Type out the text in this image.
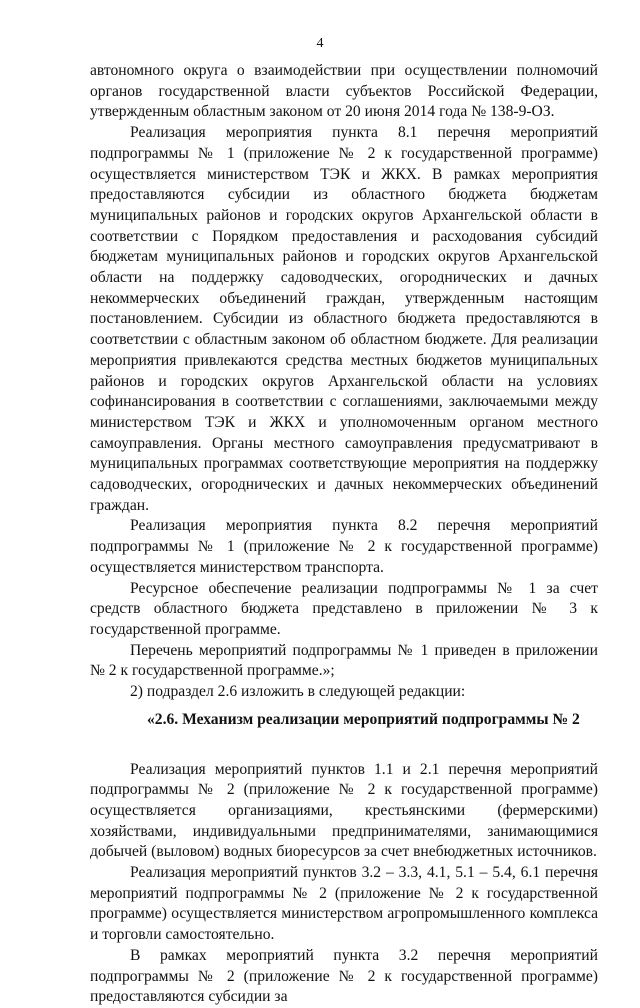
4

автономного округа о взаимодействии при осуществлении полномочий органов государственной власти субъектов Российской Федерации, утвержденным областным законом от 20 июня 2014 года № 138-9-ОЗ.

Реализация мероприятия пункта 8.1 перечня мероприятий подпрограммы № 1 (приложение № 2 к государственной программе) осуществляется министерством ТЭК и ЖКХ. В рамках мероприятия предоставляются субсидии из областного бюджета бюджетам муниципальных районов и городских округов Архангельской области в соответствии с Порядком предоставления и расходования субсидий бюджетам муниципальных районов и городских округов Архангельской области на поддержку садоводческих, огороднических и дачных некоммерческих объединений граждан, утвержденным настоящим постановлением. Субсидии из областного бюджета предоставляются в соответствии с областным законом об областном бюджете. Для реализации мероприятия привлекаются средства местных бюджетов муниципальных районов и городских округов Архангельской области на условиях софинансирования в соответствии с соглашениями, заключаемыми между министерством ТЭК и ЖКХ и уполномоченным органом местного самоуправления. Органы местного самоуправления предусматривают в муниципальных программах соответствующие мероприятия на поддержку садоводческих, огороднических и дачных некоммерческих объединений граждан.

Реализация мероприятия пункта 8.2 перечня мероприятий подпрограммы № 1 (приложение № 2 к государственной программе) осуществляется министерством транспорта.

Ресурсное обеспечение реализации подпрограммы № 1 за счет средств областного бюджета представлено в приложении № 3 к государственной программе.

Перечень мероприятий подпрограммы № 1 приведен в приложении № 2 к государственной программе.»;

2) подраздел 2.6 изложить в следующей редакции:

«2.6. Механизм реализации мероприятий подпрограммы № 2

Реализация мероприятий пунктов 1.1 и 2.1 перечня мероприятий подпрограммы № 2 (приложение № 2 к государственной программе) осуществляется организациями, крестьянскими (фермерскими) хозяйствами, индивидуальными предпринимателями, занимающимися добычей (выловом) водных биоресурсов за счет внебюджетных источников.

Реализация мероприятий пунктов 3.2 – 3.3, 4.1, 5.1 – 5.4, 6.1 перечня мероприятий подпрограммы № 2 (приложение № 2 к государственной программе) осуществляется министерством агропромышленного комплекса и торговли самостоятельно.

В рамках мероприятий пункта 3.2 перечня мероприятий подпрограммы № 2 (приложение № 2 к государственной программе) предоставляются субсидии за
